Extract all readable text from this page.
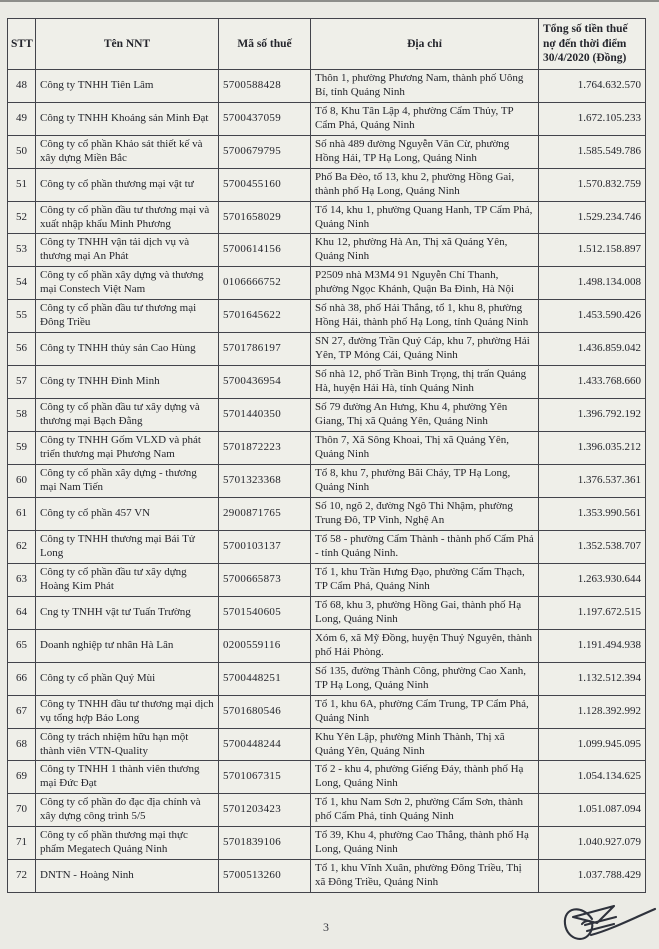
STT	Tên NNT	Mã số thuế	Địa chỉ	Tổng số tiền thuế nợ đến thời điểm 30/4/2020 (Đồng)
48	Công ty TNHH Tiên Lâm	5700588428	Thôn 1, phường Phương Nam, thành phố Uông Bí, tỉnh Quảng Ninh	1.764.632.570
49	Công ty TNHH Khoáng sản Minh Đạt	5700437059	Tổ 8, Khu Tân Lập 4, phường Cẩm Thủy, TP Cẩm Phả, Quảng Ninh	1.672.105.233
50	Công ty cổ phần Khảo sát thiết kế và xây dựng Miền Bắc	5700679795	Số nhà 489 đường Nguyễn Văn Cừ, phường Hồng Hải, TP Hạ Long, Quảng Ninh	1.585.549.786
51	Công ty cổ phần thương mại vật tư	5700455160	Phố Ba Đèo, tổ 13, khu 2, phường Hồng Gai, thành phố Hạ Long, Quảng Ninh	1.570.832.759
52	Công ty cổ phần đầu tư thương mại và xuất nhập khẩu Minh Phương	5701658029	Tổ 14, khu 1, phường Quang Hanh, TP Cẩm Phả, Quảng Ninh	1.529.234.746
53	Công ty TNHH vận tải dịch vụ và thương mại An Phát	5700614156	Khu 12, phường Hà An, Thị xã Quảng Yên, Quảng Ninh	1.512.158.897
54	Công ty cổ phần xây dựng và thương mại Constech Việt Nam	0106666752	P2509 nhà M3M4 91 Nguyễn Chí Thanh, phường Ngọc Khánh, Quận Ba Đình, Hà Nội	1.498.134.008
55	Công ty cổ phần đầu tư thương mại Đông Triều	5701645622	Số nhà 38, phố Hải Thắng, tổ 1, khu 8, phường Hồng Hải, thành phố Hạ Long, tỉnh Quảng Ninh	1.453.590.426
56	Công ty TNHH thủy sản Cao Hùng	5701786197	SN 27, đường Trần Quý Cáp, khu 7, phường Hải Yên, TP Móng Cái, Quảng Ninh	1.436.859.042
57	Công ty TNHH Đình Minh	5700436954	Số nhà 12, phố Trần Bình Trọng, thị trấn Quảng Hà, huyện Hải Hà, tỉnh Quảng Ninh	1.433.768.660
58	Công ty cổ phần đầu tư xây dựng và thương mại Bạch Đằng	5701440350	Số 79 đường An Hưng, Khu 4, phường Yên Giang, Thị xã Quảng Yên, Quảng Ninh	1.396.792.192
59	Công ty TNHH Gốm VLXD và phát triển thương mại Phương Nam	5701872223	Thôn 7, Xã Sông Khoai, Thị xã Quảng Yên, Quảng Ninh	1.396.035.212
60	Công ty cổ phần xây dựng - thương mại Nam Tiến	5701323368	Tổ 8, khu 7, phường Bãi Cháy, TP Hạ Long, Quảng Ninh	1.376.537.361
61	Công ty cổ phần 457 VN	2900871765	Số 10, ngõ 2, đường Ngô Thì Nhậm, phường Trung Đô, TP Vinh, Nghệ An	1.353.990.561
62	Công ty TNHH thương mại Bái Tử Long	5700103137	Tổ 58 - phường Cẩm Thành - thành phố Cẩm Phả - tỉnh Quảng Ninh.	1.352.538.707
63	Công ty cổ phần đầu tư xây dựng Hoàng Kim Phát	5700665873	Tổ 1, khu Trần Hưng Đạo, phường Cẩm Thạch, TP Cẩm Phả, Quảng Ninh	1.263.930.644
64	Cng ty TNHH vật tư Tuấn Trường	5701540605	Tổ 68, khu 3, phường Hồng Gai, thành phố Hạ Long, Quảng Ninh	1.197.672.515
65	Doanh nghiệp tư nhân Hà Lân	0200559116	Xóm 6, xã Mỹ Đồng, huyện Thuỷ Nguyên, thành phố Hải Phòng.	1.191.494.938
66	Công ty cổ phần Quý Mùi	5700448251	Số 135, đường Thành Công, phường Cao Xanh, TP Hạ Long, Quảng Ninh	1.132.512.394
67	Công ty TNHH đầu tư thương mại dịch vụ tổng hợp Bảo Long	5701680546	Tổ 1, khu 6A, phường Cẩm Trung, TP Cẩm Phả, Quảng Ninh	1.128.392.992
68	Công ty trách nhiệm hữu hạn một thành viên VTN-Quality	5700448244	Khu Yên Lập, phường Minh Thành, Thị xã Quảng Yên, Quảng Ninh	1.099.945.095
69	Công ty TNHH 1 thành viên thương mại Đức Đạt	5701067315	Tổ 2 - khu 4, phường Giếng Đáy, thành phố Hạ Long, Quảng Ninh	1.054.134.625
70	Công ty cổ phần đo đạc địa chính và xây dựng công trình 5/5	5701203423	Tổ 1, khu Nam Sơn 2, phường Cẩm Sơn, thành phố Cẩm Phả, tỉnh Quảng Ninh	1.051.087.094
71	Công ty cổ phần thương mại thực phẩm Megatech Quảng Ninh	5701839106	Tổ 39, Khu 4, phường Cao Thắng, thành phố Hạ Long, Quảng Ninh	1.040.927.079
72	DNTN - Hoàng Ninh	5700513260	Tổ 1, khu Vĩnh Xuân, phường Đông Triều, Thị xã Đông Triều, Quảng Ninh	1.037.788.429
3
